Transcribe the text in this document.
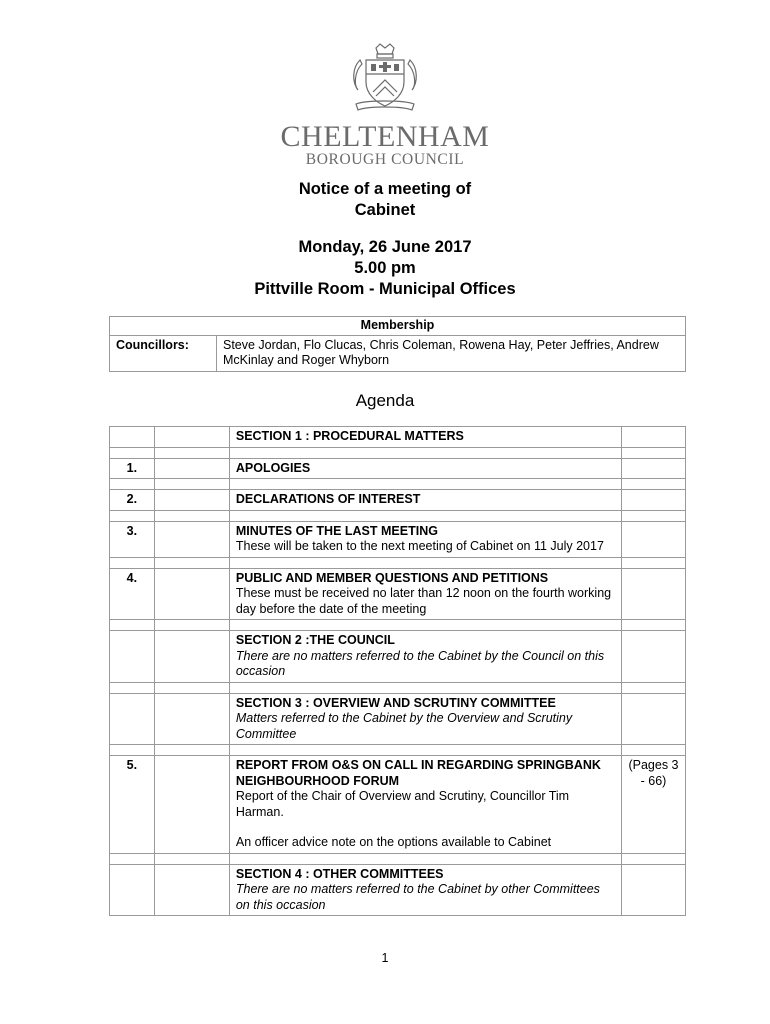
CHELTENHAM
BOROUGH COUNCIL
Notice of a meeting of
Cabinet
Monday, 26 June 2017
5.00 pm
Pittville Room - Municipal Offices
Membership
Councillors:	Steve Jordan, Flo Clucas, Chris Coleman, Rowena Hay, Peter Jeffries, Andrew McKinlay and Roger Whyborn
Agenda
		SECTION 1 : PROCEDURAL MATTERS	

1.		APOLOGIES	

2.		DECLARATIONS OF INTEREST	

3.		MINUTES OF THE LAST MEETING
These will be taken to the next meeting of Cabinet on 11 July 2017	

4.		PUBLIC AND MEMBER QUESTIONS AND PETITIONS
These must be received no later than 12 noon on the fourth working day before the date of the meeting	

		SECTION 2 :THE COUNCIL
There are no matters referred to the Cabinet by the Council on this occasion	

		SECTION 3 : OVERVIEW AND SCRUTINY COMMITTEE
Matters referred to the Cabinet by the Overview and Scrutiny Committee	

5.		REPORT FROM O&S ON CALL IN REGARDING SPRINGBANK NEIGHBOURHOOD FORUM
Report of the Chair of Overview and Scrutiny, Councillor Tim Harman.
An officer advice note on the options available to Cabinet	(Pages 3 - 66)

		SECTION 4 : OTHER COMMITTEES
There are no matters referred to the Cabinet by other Committees on this occasion	

1
